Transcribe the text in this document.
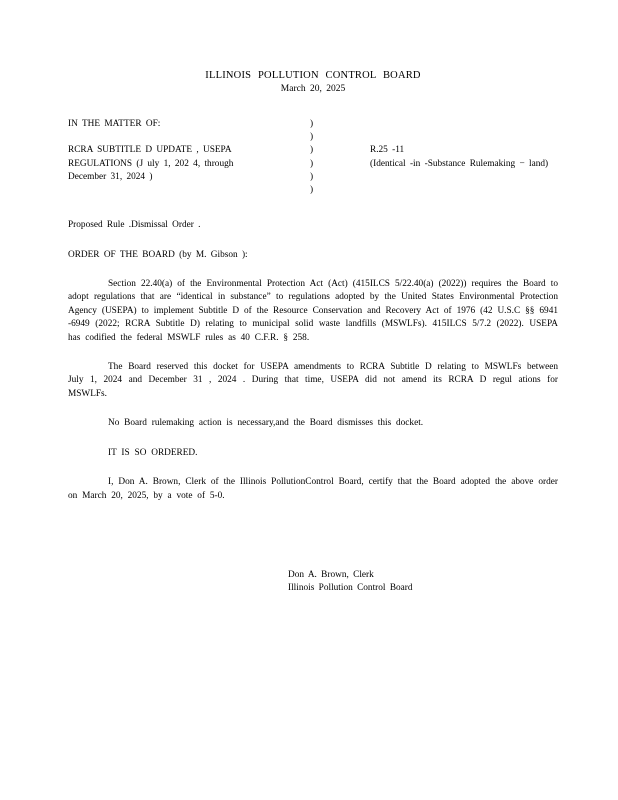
ILLINOIS POLLUTION CONTROL BOARD
March 20, 2025
IN THE MATTER OF:	)
)
RCRA SUBTITLE D UPDATE , USEPA	)	R.25 -11
REGULATIONS (J uly 1, 202 4, through	)	(Identical -in -Substance Rulemaking − land)
December 31, 2024 )	)
)
Proposed Rule .Dismissal Order .
ORDER OF THE BOARD (by M. Gibson ):
Section 22.40(a) of the Environmental Protection Act (Act) (415ILCS 5/22.40(a) (2022)) requires the Board to adopt regulations that are “identical in substance” to regulations adopted by the United States Environmental Protection Agency (USEPA) to implement Subtitle D of the Resource Conservation and Recovery Act of 1976 (42 U.S.C §§ 6941 -6949 (2022; RCRA Subtitle D) relating to municipal solid waste landfills (MSWLFs). 415ILCS 5/7.2 (2022). USEPA has codified the federal MSWLF rules as 40 C.F.R. § 258.
The Board reserved this docket for USEPA amendments to RCRA Subtitle D relating to MSWLFs between July 1, 2024 and December 31 , 2024 . During that time, USEPA did not amend its RCRA D regul ations for MSWLFs.
No Board rulemaking action is necessary,and the Board dismisses this docket.
IT IS SO ORDERED.
I, Don A. Brown, Clerk of the Illinois PollutionControl Board, certify that the Board adopted the above order on March 20, 2025, by a vote of 5-0.
Don A. Brown, Clerk
Illinois Pollution Control Board
